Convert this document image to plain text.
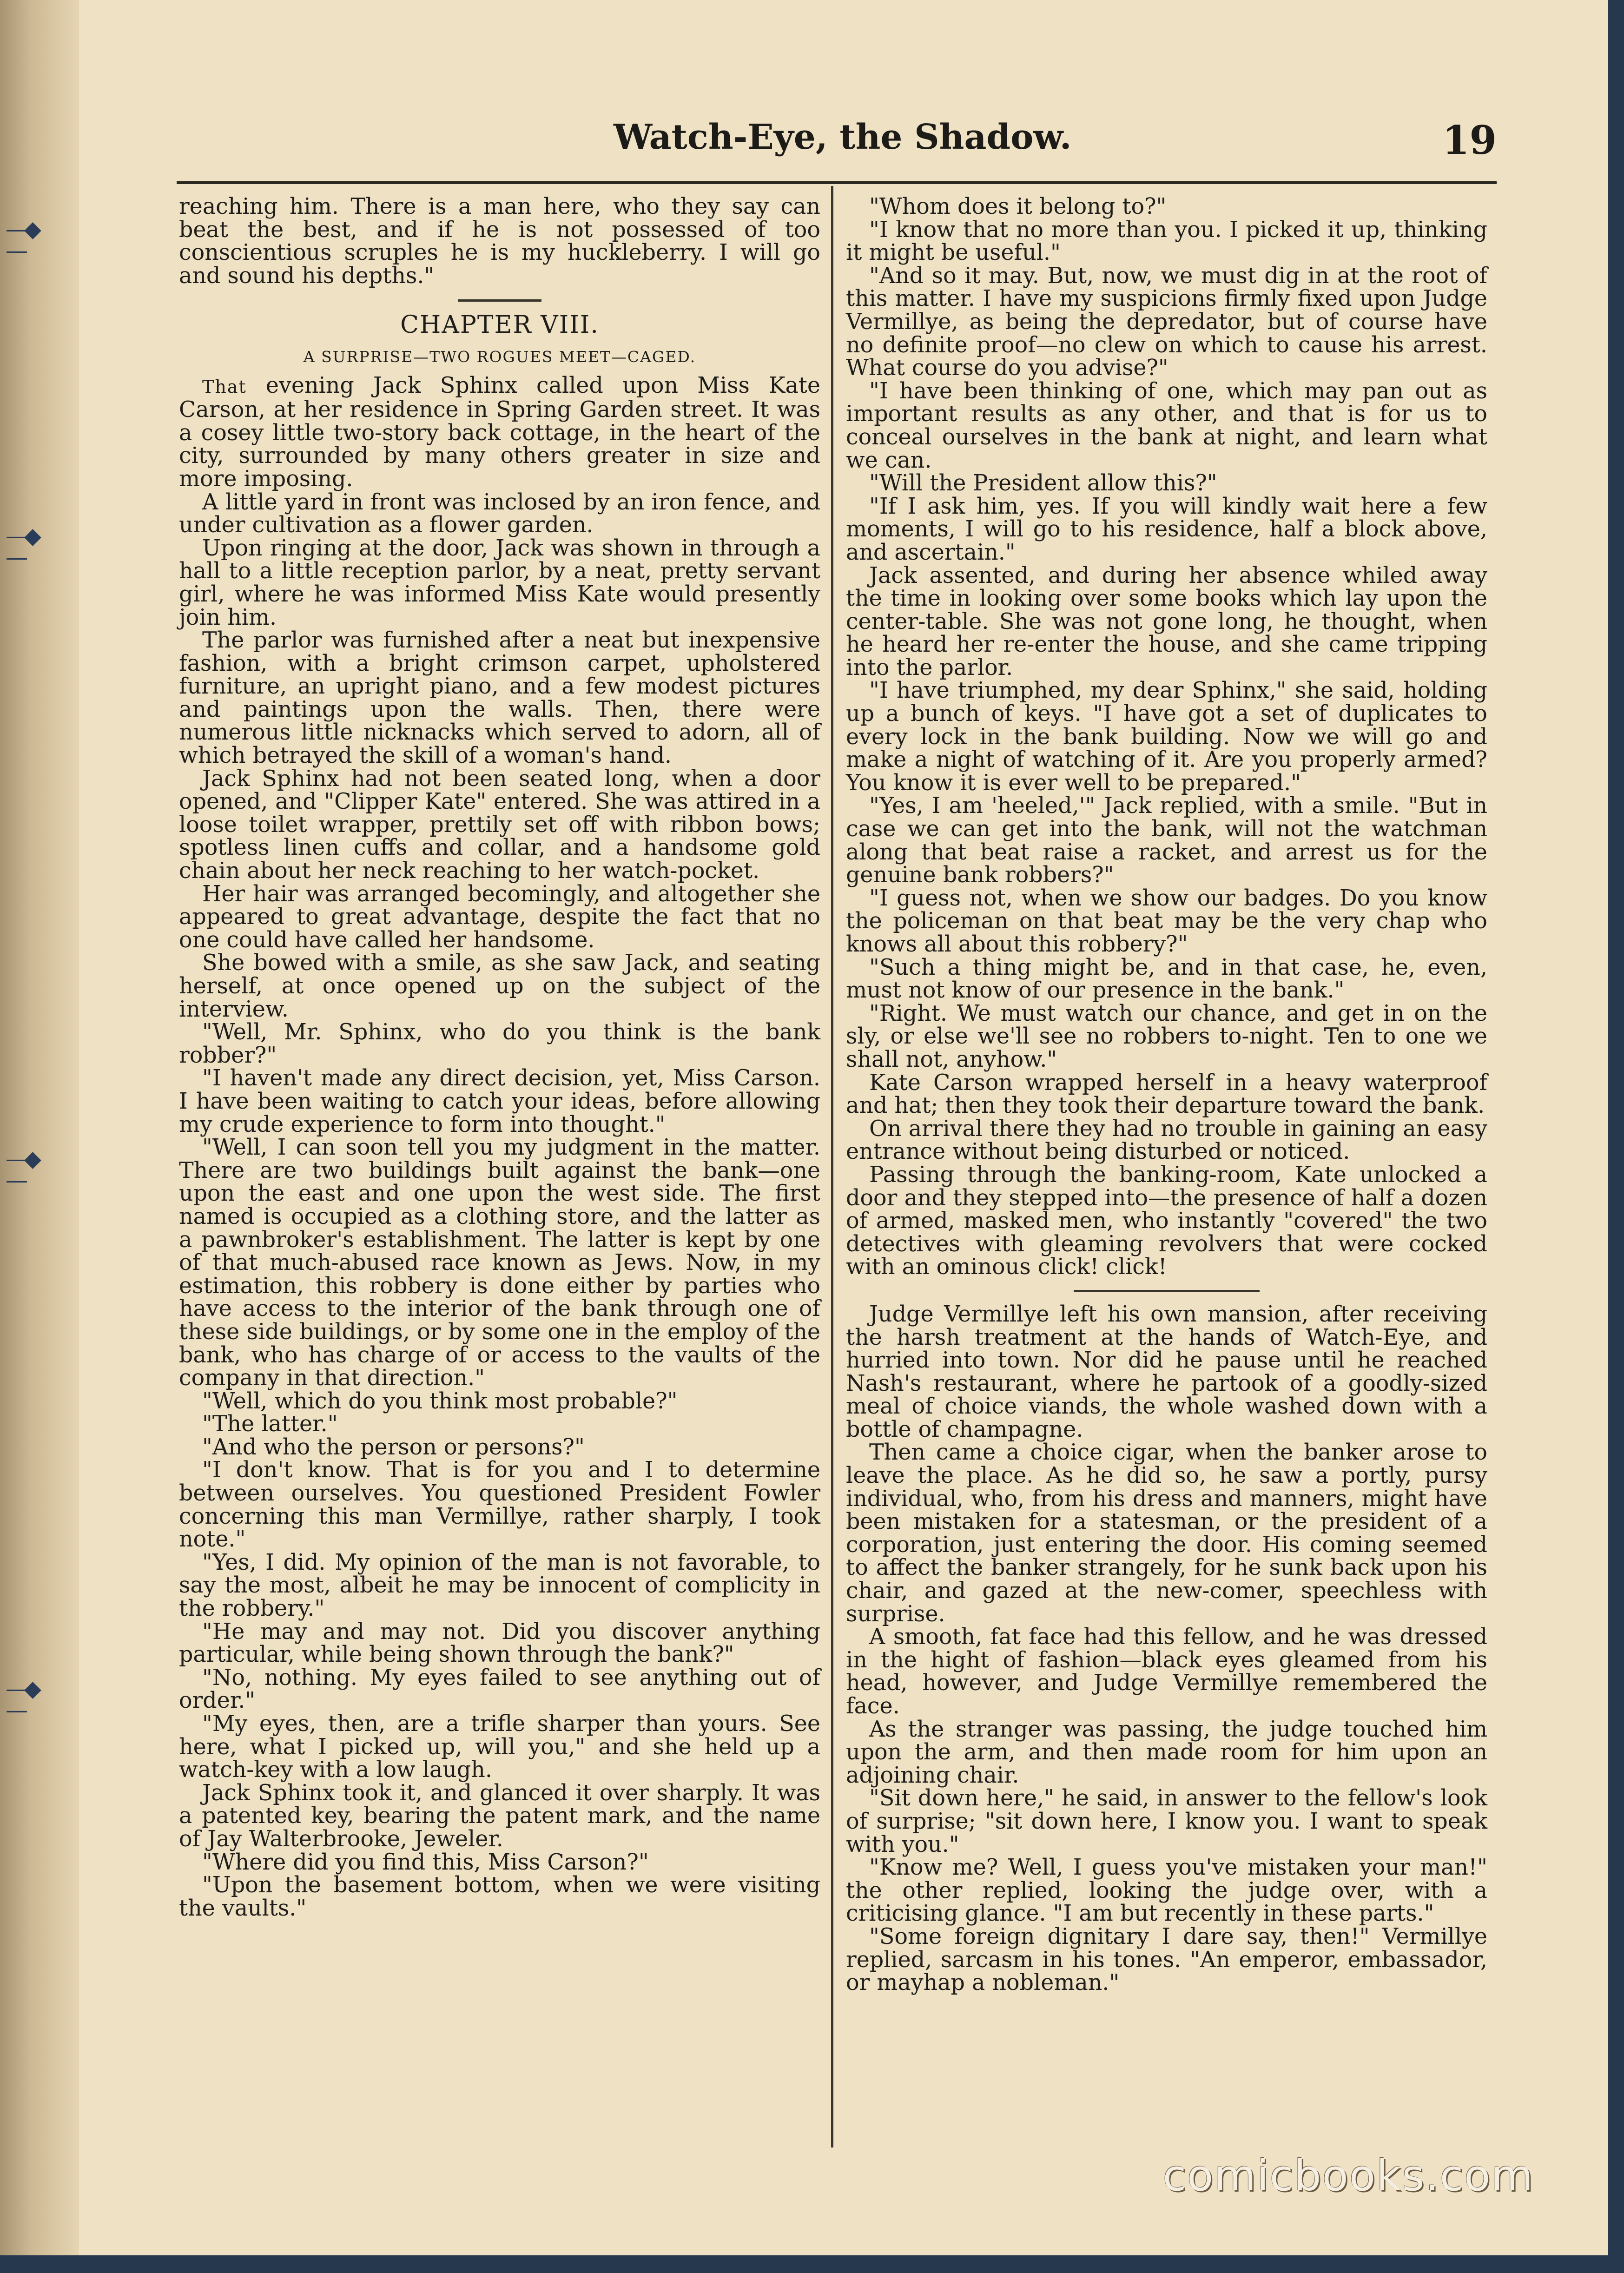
—◆—
—◆—
—◆—
—◆—
Watch-Eye, the Shadow.	19

reaching him. There is a man here, who they say can beat the best, and if he is not possessed of too conscientious scruples he is my huckleberry. I will go and sound his depths."

CHAPTER VIII.
A SURPRISE—TWO ROGUES MEET—CAGED.

That evening Jack Sphinx called upon Miss Kate Carson, at her residence in Spring Garden street. It was a cosey little two-story back cottage, in the heart of the city, surrounded by many others greater in size and more imposing.

A little yard in front was inclosed by an iron fence, and under cultivation as a flower garden.

Upon ringing at the door, Jack was shown in through a hall to a little reception parlor, by a neat, pretty servant girl, where he was informed Miss Kate would presently join him.

The parlor was furnished after a neat but inexpensive fashion, with a bright crimson carpet, upholstered furniture, an upright piano, and a few modest pictures and paintings upon the walls. Then, there were numerous little nicknacks which served to adorn, all of which betrayed the skill of a woman's hand.

Jack Sphinx had not been seated long, when a door opened, and "Clipper Kate" entered. She was attired in a loose toilet wrapper, prettily set off with ribbon bows; spotless linen cuffs and collar, and a handsome gold chain about her neck reaching to her watch-pocket.

Her hair was arranged becomingly, and altogether she appeared to great advantage, despite the fact that no one could have called her handsome.

She bowed with a smile, as she saw Jack, and seating herself, at once opened up on the subject of the interview.

"Well, Mr. Sphinx, who do you think is the bank robber?"

"I haven't made any direct decision, yet, Miss Carson. I have been waiting to catch your ideas, before allowing my crude experience to form into thought."

"Well, I can soon tell you my judgment in the matter. There are two buildings built against the bank—one upon the east and one upon the west side. The first named is occupied as a clothing store, and the latter as a pawnbroker's establishment. The latter is kept by one of that much-abused race known as Jews. Now, in my estimation, this robbery is done either by parties who have access to the interior of the bank through one of these side buildings, or by some one in the employ of the bank, who has charge of or access to the vaults of the company in that direction."

"Well, which do you think most probable?"

"The latter."

"And who the person or persons?"

"I don't know. That is for you and I to determine between ourselves. You questioned President Fowler concerning this man Vermillye, rather sharply, I took note."

"Yes, I did. My opinion of the man is not favorable, to say the most, albeit he may be innocent of complicity in the robbery."

"He may and may not. Did you discover anything particular, while being shown through the bank?"

"No, nothing. My eyes failed to see anything out of order."

"My eyes, then, are a trifle sharper than yours. See here, what I picked up, will you," and she held up a watch-key with a low laugh.

Jack Sphinx took it, and glanced it over sharply. It was a patented key, bearing the patent mark, and the name of Jay Walterbrooke, Jeweler.

"Where did you find this, Miss Carson?"

"Upon the basement bottom, when we were visiting the vaults."

"Whom does it belong to?"

"I know that no more than you. I picked it up, thinking it might be useful."

"And so it may. But, now, we must dig in at the root of this matter. I have my suspicions firmly fixed upon Judge Vermillye, as being the depredator, but of course have no definite proof—no clew on which to cause his arrest. What course do you advise?"

"I have been thinking of one, which may pan out as important results as any other, and that is for us to conceal ourselves in the bank at night, and learn what we can.

"Will the President allow this?"

"If I ask him, yes. If you will kindly wait here a few moments, I will go to his residence, half a block above, and ascertain."

Jack assented, and during her absence whiled away the time in looking over some books which lay upon the center-table. She was not gone long, he thought, when he heard her re-enter the house, and she came tripping into the parlor.

"I have triumphed, my dear Sphinx," she said, holding up a bunch of keys. "I have got a set of duplicates to every lock in the bank building. Now we will go and make a night of watching of it. Are you properly armed? You know it is ever well to be prepared."

"Yes, I am 'heeled,'" Jack replied, with a smile. "But in case we can get into the bank, will not the watchman along that beat raise a racket, and arrest us for the genuine bank robbers?"

"I guess not, when we show our badges. Do you know the policeman on that beat may be the very chap who knows all about this robbery?"

"Such a thing might be, and in that case, he, even, must not know of our presence in the bank."

"Right. We must watch our chance, and get in on the sly, or else we'll see no robbers to-night. Ten to one we shall not, anyhow."

Kate Carson wrapped herself in a heavy waterproof and hat; then they took their departure toward the bank.

On arrival there they had no trouble in gaining an easy entrance without being disturbed or noticed.

Passing through the banking-room, Kate unlocked a door and they stepped into—the presence of half a dozen of armed, masked men, who instantly "covered" the two detectives with gleaming revolvers that were cocked with an ominous click! click!

Judge Vermillye left his own mansion, after receiving the harsh treatment at the hands of Watch-Eye, and hurried into town. Nor did he pause until he reached Nash's restaurant, where he partook of a goodly-sized meal of choice viands, the whole washed down with a bottle of champagne.

Then came a choice cigar, when the banker arose to leave the place. As he did so, he saw a portly, pursy individual, who, from his dress and manners, might have been mistaken for a statesman, or the president of a corporation, just entering the door. His coming seemed to affect the banker strangely, for he sunk back upon his chair, and gazed at the new-comer, speechless with surprise.

A smooth, fat face had this fellow, and he was dressed in the hight of fashion—black eyes gleamed from his head, however, and Judge Vermillye remembered the face.

As the stranger was passing, the judge touched him upon the arm, and then made room for him upon an adjoining chair.

"Sit down here," he said, in answer to the fellow's look of surprise; "sit down here, I know you. I want to speak with you."

"Know me? Well, I guess you've mistaken your man!" the other replied, looking the judge over, with a criticising glance. "I am but recently in these parts."

"Some foreign dignitary I dare say, then!" Vermillye replied, sarcasm in his tones. "An emperor, embassador, or mayhap a nobleman."

comicbooks.com
